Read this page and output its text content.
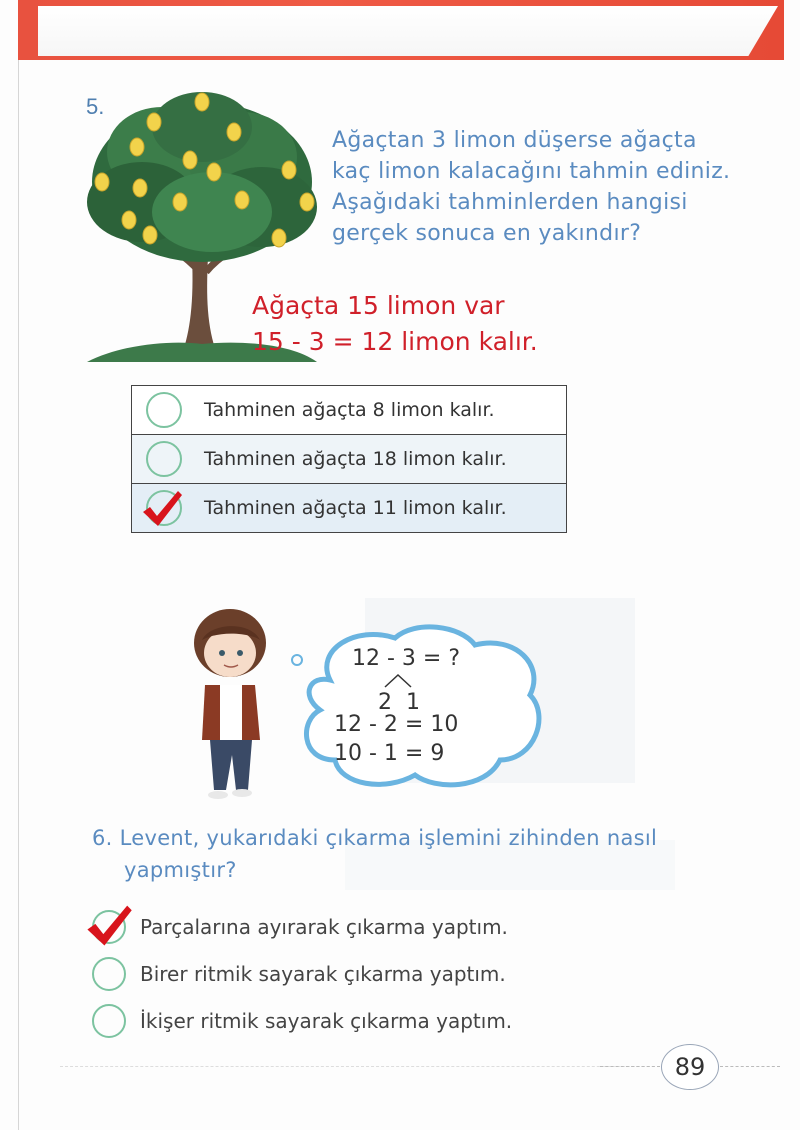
5.
Ağaçtan 3 limon düşerse ağaçta
kaç limon kalacağını tahmin ediniz.
Aşağıdaki tahminlerden hangisi
gerçek sonuca en yakındır?
Ağaçta 15 limon var
15 - 3 = 12 limon kalır.
Tahminen ağaçta 8 limon kalır.
Tahminen ağaçta 18 limon kalır.
Tahminen ağaçta 11 limon kalır.
12 - 3 = ?
2  1
12 - 2 = 10
10 - 1 = 9
6. Levent, yukarıdaki çıkarma işlemini zihinden nasıl
yapmıştır?
Parçalarına ayırarak çıkarma yaptım.
Birer ritmik sayarak çıkarma yaptım.
İkişer ritmik sayarak çıkarma yaptım.
89
